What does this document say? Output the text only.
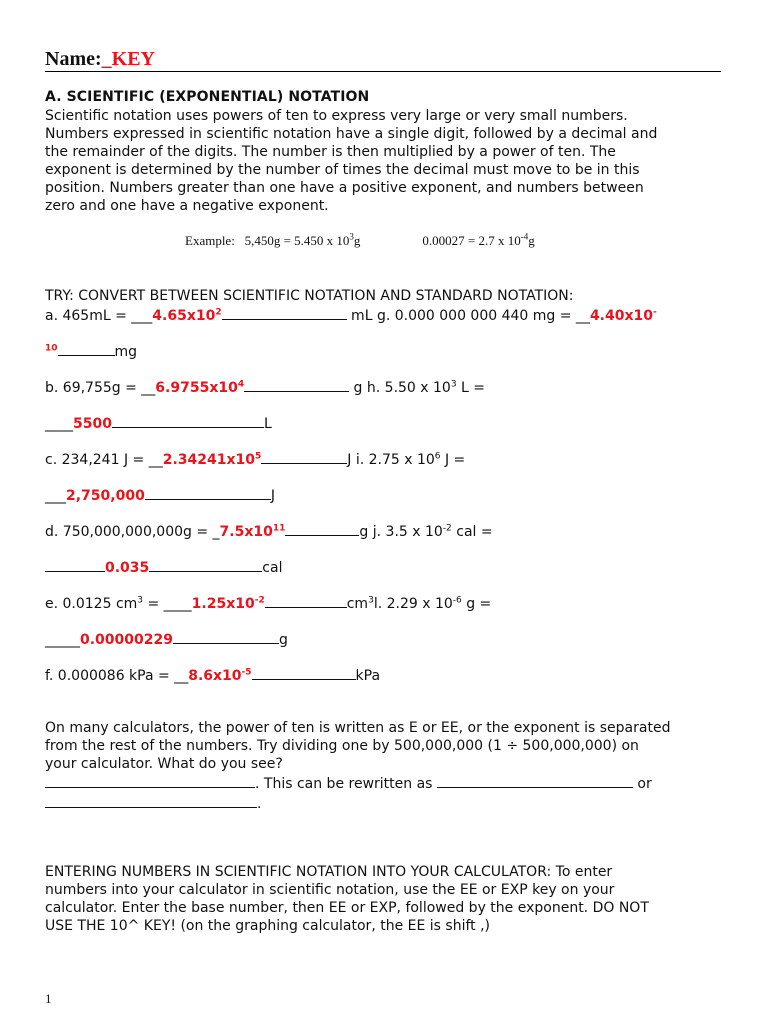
Name:_KEY
A. SCIENTIFIC (EXPONENTIAL) NOTATION

Scientific notation uses powers of ten to express very large or very small numbers.

Numbers expressed in scientific notation have a single digit, followed by a decimal and

the remainder of the digits. The number is then multiplied by a power of ten. The

exponent is determined by the number of times the decimal must move to be in this

position. Numbers greater than one have a positive exponent, and numbers between

zero and one have a negative exponent.

Example: 5,450g = 5.450 x $10^3g$	0.00027 = 2.7 x $10^{-4}g$
TRY: CONVERT BETWEEN SCIENTIFIC NOTATION AND STANDARD NOTATION:
a. $465mL = \_\_\_4.65x10^2$	mL g. 0.000 000 000 440 mg = __4.40x10-
$^{10}$	mg
b. $69,755g = \_\_6.9755x10^4$	g h. 5.50 x $10^3$ L =
____5500	L
c. 234,241 $J = \_\_2.34241x10^5$	J i. 2.75 x $10^6$ J =
___2,750,000	J
d. $750,000,000,000g = \_7.5x10^{11}$	g j. 3.5 x $10^{-2}$ cal =
0.035	cal
e. 0.0125 $cm^3$ = $\_\_\_\_1.25x10^{-2}$	$cm^3l$. 2.29 x $10^{-6}$ g =
_____0.00000229	g
f. 0.000086 kPa = $\_\_8.6x10^{-5}$	kPa

On many calculators, the power of ten is written as E or EE, or the exponent is separated

from the rest of the numbers. Try dividing one by 500,000,000 (1 ÷ 500,000,000) on

your calculator. What do you see?

. This can be rewritten as	or

.

ENTERING NUMBERS IN SCIENTIFIC NOTATION INTO YOUR CALCULATOR: To enter

numbers into your calculator in scientific notation, use the EE or EXP key on your

calculator. Enter the base number, then EE or EXP, followed by the exponent. DO NOT

USE THE 10^ KEY! (on the graphing calculator, the EE is shift ,)

1
